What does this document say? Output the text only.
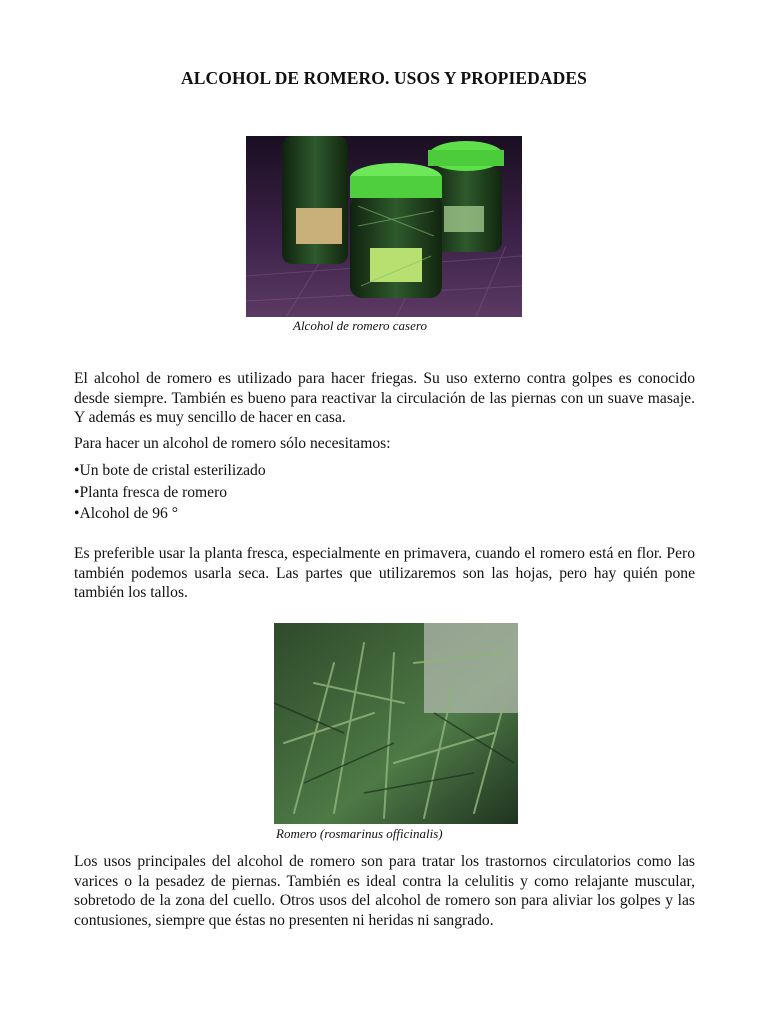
ALCOHOL DE ROMERO. USOS Y PROPIEDADES
Alcohol de romero casero

El alcohol de romero es utilizado para hacer friegas. Su uso externo contra golpes es conocido desde siempre. También es bueno para reactivar la circulación de las piernas con un suave masaje. Y además es muy sencillo de hacer en casa.

Para hacer un alcohol de romero sólo necesitamos:

•Un bote de cristal esterilizado
•Planta fresca de romero
•Alcohol de 96 °

Es preferible usar la planta fresca, especialmente en primavera, cuando el romero está en flor. Pero también podemos usarla seca. Las partes que utilizaremos son las hojas, pero hay quién pone también los tallos.

Romero (rosmarinus officinalis)

Los usos principales del alcohol de romero son para tratar los trastornos circulatorios como las varices o la pesadez de piernas. También es ideal contra la celulitis y como relajante muscular, sobretodo de la zona del cuello. Otros usos del alcohol de romero son para aliviar los golpes y las contusiones, siempre que éstas no presenten ni heridas ni sangrado.
